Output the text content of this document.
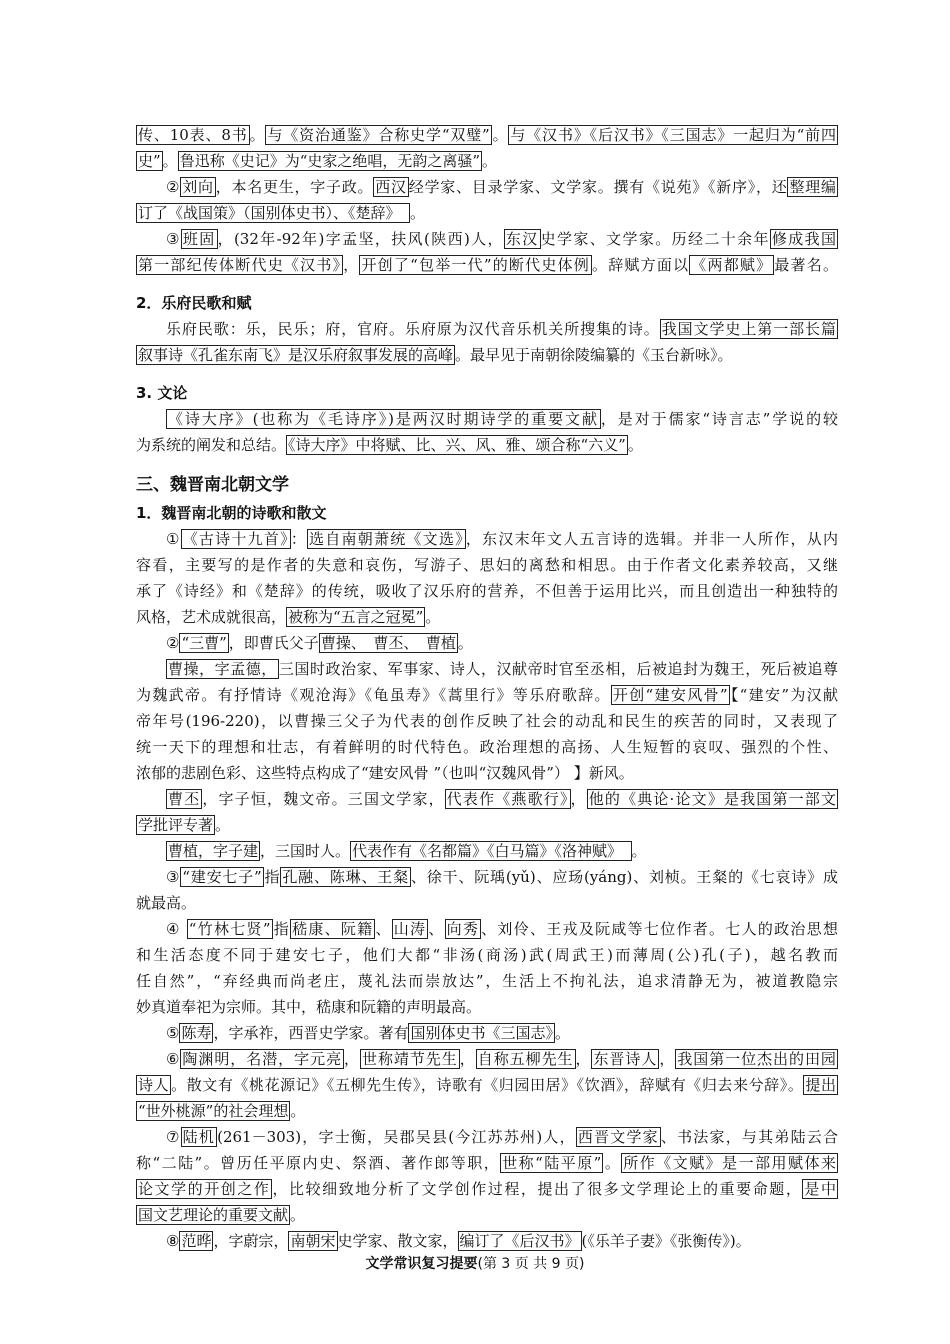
传、10表、8书 。 与《资治通鉴》合称史学“双璧” 。 与《汉书》《后汉书》《三国志》一起归为“前四
史” 。 鲁迅称《史记》为“史家之绝唱，无韵之离骚” 。
② 刘向 ，本名更生，字子政。 西汉 经学家、目录学家、文学家。撰有《说苑》《新序》，还 整理编
订了《战国策》（国别体史书）、《楚辞》　。
③ 班固 ，(32年-92年)字孟坚，扶风(陕西)人， 东汉 史学家、文学家。历经二十余年 修成我国
第一部纪传体断代史《汉书》 ， 开创了“包举一代”的断代史体例 。辞赋方面以 《两都赋》 最著名。
2．乐府民歌和赋
乐府民歌：乐，民乐；府，官府。乐府原为汉代音乐机关所搜集的诗。 我国文学史上第一部长篇
叙事诗《孔雀东南飞》是汉乐府叙事发展的高峰 。最早见于南朝徐陵编纂的《玉台新咏》。
3. 文论
《诗大序》(也称为《毛诗序》)是两汉时期诗学的重要文献 ，是对于儒家“诗言志”学说的较
为系统的阐发和总结。 《诗大序》中将赋、比、兴、风、雅、颂合称“六义” 。
三、魏晋南北朝文学
1．魏晋南北朝的诗歌和散文
① 《古诗十九首》 ： 选自南朝萧统《文选》 ，东汉末年文人五言诗的选辑。并非一人所作，从内
容看，主要写的是作者的失意和哀伤，写游子、思妇的离愁和相思。由于作者文化素养较高，又继
承了《诗经》和《楚辞》的传统，吸收了汉乐府的营养，不但善于运用比兴，而且创造出一种独特的
风格，艺术成就很高， 被称为“五言之冠冕” 。
② “三曹” ，即曹氏父子 曹操、　曹丕、　曹植 。
曹操，字孟德， 三国时政治家、军事家、诗人，汉献帝时官至丞相，后被追封为魏王，死后被追尊
为魏武帝。有抒情诗《观沧海》《龟虽寿》《蒿里行》等乐府歌辞。 开创“建安风骨” 【“建安”为汉献
帝年号(196-220)，以曹操三父子为代表的创作反映了社会的动乱和民生的疾苦的同时，又表现了
统一天下的理想和壮志，有着鲜明的时代特色。政治理想的高扬、人生短暂的哀叹、强烈的个性、
浓郁的悲剧色彩、这些特点构成了“建安风骨 ”（也叫“汉魏风骨”） 】新风。
曹丕 ，字子恒，魏文帝。三国文学家， 代表作《燕歌行》 ， 他的《典论·论文》是我国第一部文
学批评专著 。
曹植，字子建 ，三国时人。 代表作有《名都篇》《白马篇》《洛神赋》　。
③ “建安七子” 指 孔融、陈琳、王粲 、徐干、阮瑀(yǔ)、应玚(yáng)、刘桢。王粲的《七哀诗》成
就最高。
④ “竹林七贤” 指 嵇康、阮籍 、 山涛 、 向秀 、刘伶、王戎及阮咸等七位作者。七人的政治思想
和生活态度不同于建安七子，他们大都“非汤(商汤)武(周武王)而薄周(公)孔(子)，越名教而
任自然”，“弃经典而尚老庄，蔑礼法而崇放达”，生活上不拘礼法，追求清静无为，被道教隐宗
妙真道奉祀为宗师。其中，嵇康和阮籍的声明最高。
⑤ 陈寿 ，字承祚，西晋史学家。著有 国别体史书《三国志》 。
⑥ 陶渊明，名潜，字元亮 ， 世称靖节先生 ， 自称五柳先生 ， 东晋诗人 ， 我国第一位杰出的田园
诗人 。散文有《桃花源记》《五柳先生传》，诗歌有《归园田居》《饮酒》，辞赋有《归去来兮辞》。 提出
“世外桃源”的社会理想 。
⑦ 陆机 (261－303)，字士衡，吴郡吴县(今江苏苏州)人， 西晋文学家 、书法家，与其弟陆云合
称“二陆”。曾历任平原内史、祭酒、著作郎等职， 世称“陆平原” 。 所作《文赋》是一部用赋体来
论文学的开创之作 ，比较细致地分析了文学创作过程，提出了很多文学理论上的重要命题， 是中
国文艺理论的重要文献 。
⑧ 范晔 ，字蔚宗， 南朝宋 史学家、散文家， 编订了《后汉书》 (《乐羊子妻》《张衡传》)。
文学常识复习提要(第 3 页 共 9 页)
